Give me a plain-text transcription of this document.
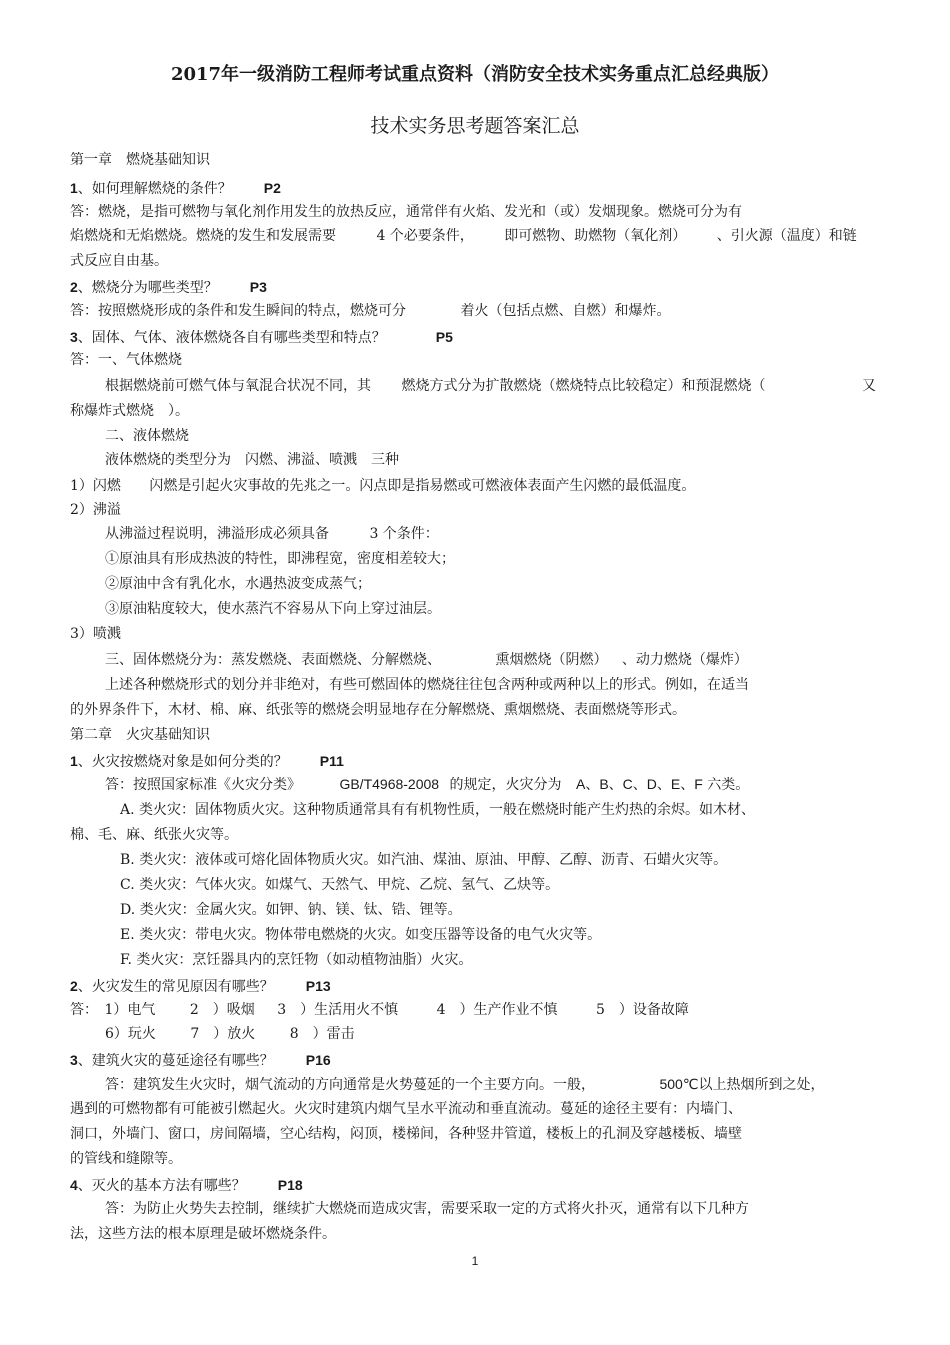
2017年一级消防工程师考试重点资料（消防安全技术实务重点汇总经典版）
技术实务思考题答案汇总
第一章　燃烧基础知识
1、如何理解燃烧的条件？ P2
答：燃烧，是指可燃物与氧化剂作用发生的放热反应，通常伴有火焰、发光和（或）发烟现象。燃烧可分为有
焰燃烧和无焰燃烧。燃烧的发生和发展需要	4 个必要条件， 即可燃物、助燃物（氧化剂） 、引火源（温度）和链
式反应自由基。
2、燃烧分为哪些类型？ P3
答：按照燃烧形成的条件和发生瞬间的特点，燃烧可分	着火（包括点燃、自燃）和爆炸。
3、固体、气体、液体燃烧各自有哪些类型和特点？	P5
答：一、气体燃烧
根据燃烧前可燃气体与氧混合状况不同，其 燃烧方式分为扩散燃烧（燃烧特点比较稳定）和预混燃烧（	又
称爆炸式燃烧　）。
二、液体燃烧
液体燃烧的类型分为　闪燃、沸溢、喷溅　三种
1）闪燃 闪燃是引起火灾事故的先兆之一。闪点即是指易燃或可燃液体表面产生闪燃的最低温度。
2）沸溢
从沸溢过程说明，沸溢形成必须具备	3 个条件：
①原油具有形成热波的特性，即沸程宽，密度相差较大；
②原油中含有乳化水，水遇热波变成蒸气；
③原油粘度较大，使水蒸汽不容易从下向上穿过油层。
3）喷溅
三、固体燃烧分为：蒸发燃烧、表面燃烧、分解燃烧、	熏烟燃烧（阴燃） 、动力燃烧（爆炸）
上述各种燃烧形式的划分并非绝对，有些可燃固体的燃烧往往包含两种或两种以上的形式。例如，在适当
的外界条件下，木材、棉、麻、纸张等的燃烧会明显地存在分解燃烧、熏烟燃烧、表面燃烧等形式。
第二章　火灾基础知识
1、火灾按燃烧对象是如何分类的？ P11
答：按照国家标准《火灾分类》	GB/T4968-2008 的规定，火灾分为 A、B、C、D、E、F 六类。
A. 类火灾：固体物质火灾。这种物质通常具有有机物性质，一般在燃烧时能产生灼热的余烬。如木材、
棉、毛、麻、纸张火灾等。
B. 类火灾：液体或可熔化固体物质火灾。如汽油、煤油、原油、甲醇、乙醇、沥青、石蜡火灾等。
C. 类火灾：气体火灾。如煤气、天然气、甲烷、乙烷、氢气、乙炔等。
D. 类火灾：金属火灾。如钾、钠、镁、钛、锆、锂等。
E. 类火灾：带电火灾。物体带电燃烧的火灾。如变压器等设备的电气火灾等。
F. 类火灾：烹饪器具内的烹饪物（如动植物油脂）火灾。
2、火灾发生的常见原因有哪些？ P13
答： 1）电气 2　）吸烟 3　）生活用火不慎	4　）生产作业不慎	5　）设备故障
6）玩火 7　）放火 8　）雷击
3、建筑火灾的蔓延途径有哪些？ P16
答：建筑发生火灾时，烟气流动的方向通常是火势蔓延的一个主要方向。一般，	500℃以上热烟所到之处，
遇到的可燃物都有可能被引燃起火。火灾时建筑内烟气呈水平流动和垂直流动。蔓延的途径主要有：内墙门、
洞口，外墙门、窗口，房间隔墙，空心结构，闷顶，楼梯间，各种竖井管道，楼板上的孔洞及穿越楼板、墙壁
的管线和缝隙等。
4、灭火的基本方法有哪些？ P18
答：为防止火势失去控制，继续扩大燃烧而造成灾害，需要采取一定的方式将火扑灭，通常有以下几种方
法，这些方法的根本原理是破坏燃烧条件。
1
